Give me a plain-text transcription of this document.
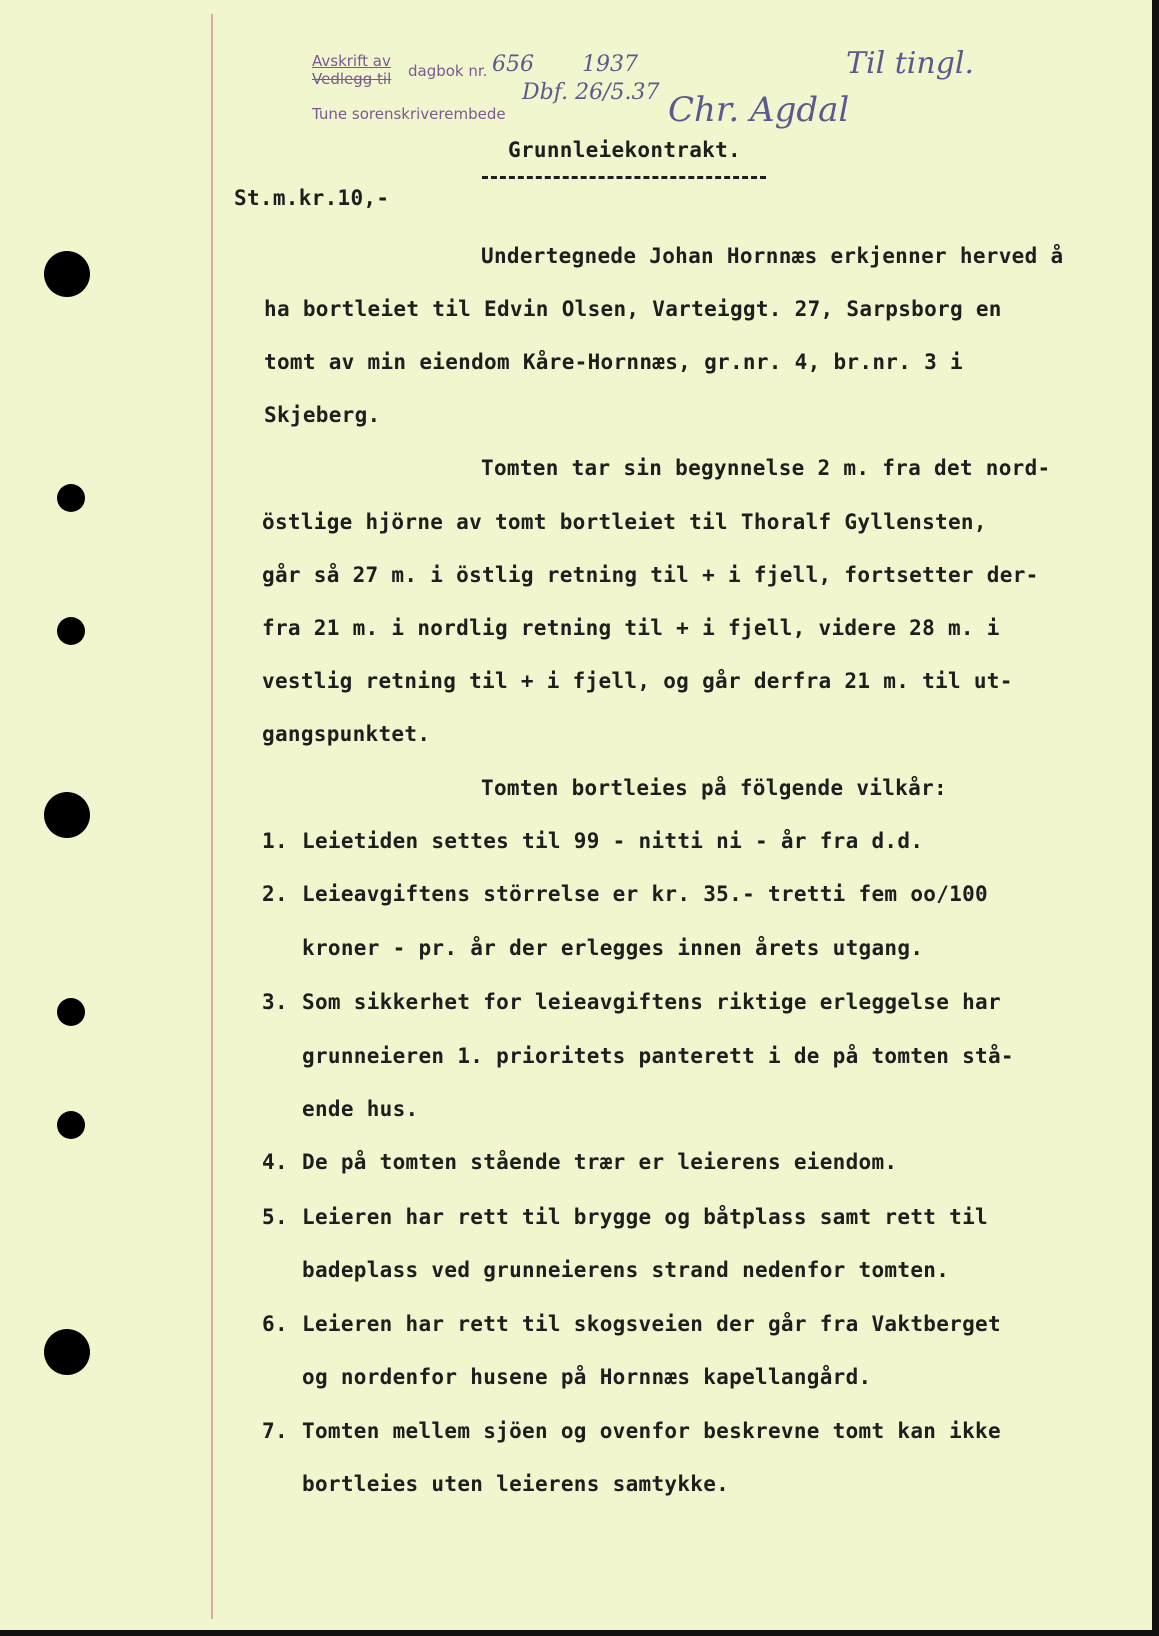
Avskrift av
Vedlegg til dagbok nr.
Tune sorenskriverembede
656 1937
Dbf. 26/5.37 Chr. Agdal
Til tingl.
Grunnleiekontrakt.
St.m.kr.10,-
Undertegnede Johan Hornnæs erkjenner herved å
ha bortleiet til Edvin Olsen, Varteiggt. 27, Sarpsborg en
tomt av min eiendom Kåre-Hornnæs, gr.nr. 4, br.nr. 3 i
Skjeberg.
Tomten tar sin begynnelse 2 m. fra det nord-
östlige hjörne av tomt bortleiet til Thoralf Gyllensten,
går så 27 m. i östlig retning til + i fjell, fortsetter der-
fra 21 m. i nordlig retning til + i fjell, videre 28 m. i
vestlig retning til + i fjell, og går derfra 21 m. til ut-
gangspunktet.
Tomten bortleies på fölgende vilkår:
1. Leietiden settes til 99 - nitti ni - år fra d.d.
2. Leieavgiftens störrelse er kr. 35.- tretti fem oo/100
kroner - pr. år der erlegges innen årets utgang.
3. Som sikkerhet for leieavgiftens riktige erleggelse har
grunneieren 1. prioritets panterett i de på tomten stå-
ende hus.
4. De på tomten stående trær er leierens eiendom.
5. Leieren har rett til brygge og båtplass samt rett til
badeplass ved grunneierens strand nedenfor tomten.
6. Leieren har rett til skogsveien der går fra Vaktberget
og nordenfor husene på Hornnæs kapellangård.
7. Tomten mellem sjöen og ovenfor beskrevne tomt kan ikke
bortleies uten leierens samtykke.
